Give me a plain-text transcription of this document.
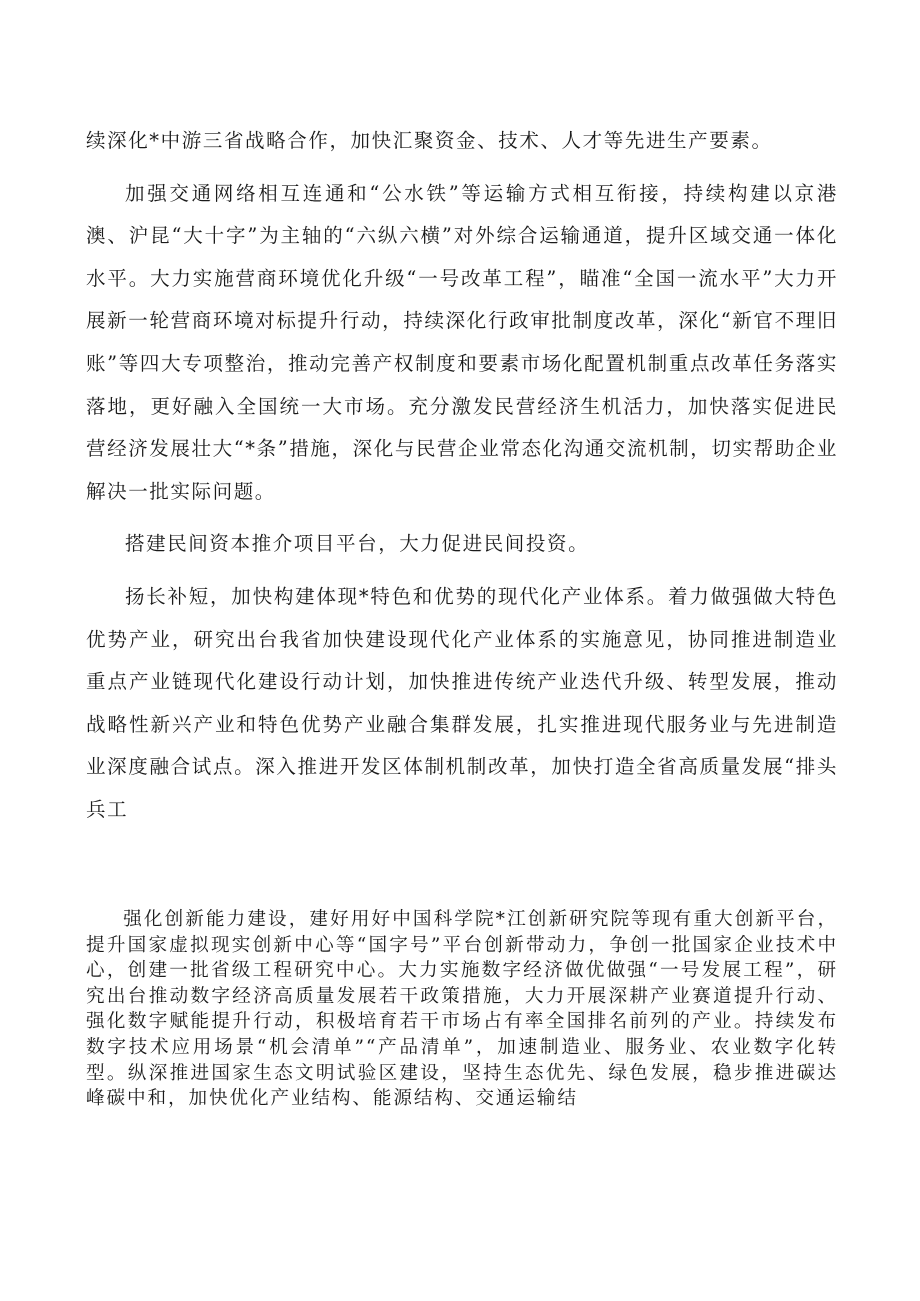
续深化*中游三省战略合作，加快汇聚资金、技术、人才等先进生产要素。

加强交通网络相互连通和“公水铁”等运输方式相互衔接，持续构建以京港澳、沪昆“大十字”为主轴的“六纵六横”对外综合运输通道，提升区域交通一体化水平。大力实施营商环境优化升级“一号改革工程”，瞄准“全国一流水平”大力开展新一轮营商环境对标提升行动，持续深化行政审批制度改革，深化“新官不理旧账”等四大专项整治，推动完善产权制度和要素市场化配置机制重点改革任务落实落地，更好融入全国统一大市场。充分激发民营经济生机活力，加快落实促进民营经济发展壮大“*条”措施，深化与民营企业常态化沟通交流机制，切实帮助企业解决一批实际问题。

搭建民间资本推介项目平台，大力促进民间投资。

扬长补短，加快构建体现*特色和优势的现代化产业体系。着力做强做大特色优势产业，研究出台我省加快建设现代化产业体系的实施意见，协同推进制造业重点产业链现代化建设行动计划，加快推进传统产业迭代升级、转型发展，推动战略性新兴产业和特色优势产业融合集群发展，扎实推进现代服务业与先进制造业深度融合试点。深入推进开发区体制机制改革，加快打造全省高质量发展“排头兵工

强化创新能力建设，建好用好中国科学院*江创新研究院等现有重大创新平台，提升国家虚拟现实创新中心等“国字号”平台创新带动力，争创一批国家企业技术中心，创建一批省级工程研究中心。大力实施数字经济做优做强“一号发展工程”，研究出台推动数字经济高质量发展若干政策措施，大力开展深耕产业赛道提升行动、强化数字赋能提升行动，积极培育若干市场占有率全国排名前列的产业。持续发布数字技术应用场景“机会清单”“产品清单”，加速制造业、服务业、农业数字化转型。纵深推进国家生态文明试验区建设，坚持生态优先、绿色发展，稳步推进碳达峰碳中和，加快优化产业结构、能源结构、交通运输结
